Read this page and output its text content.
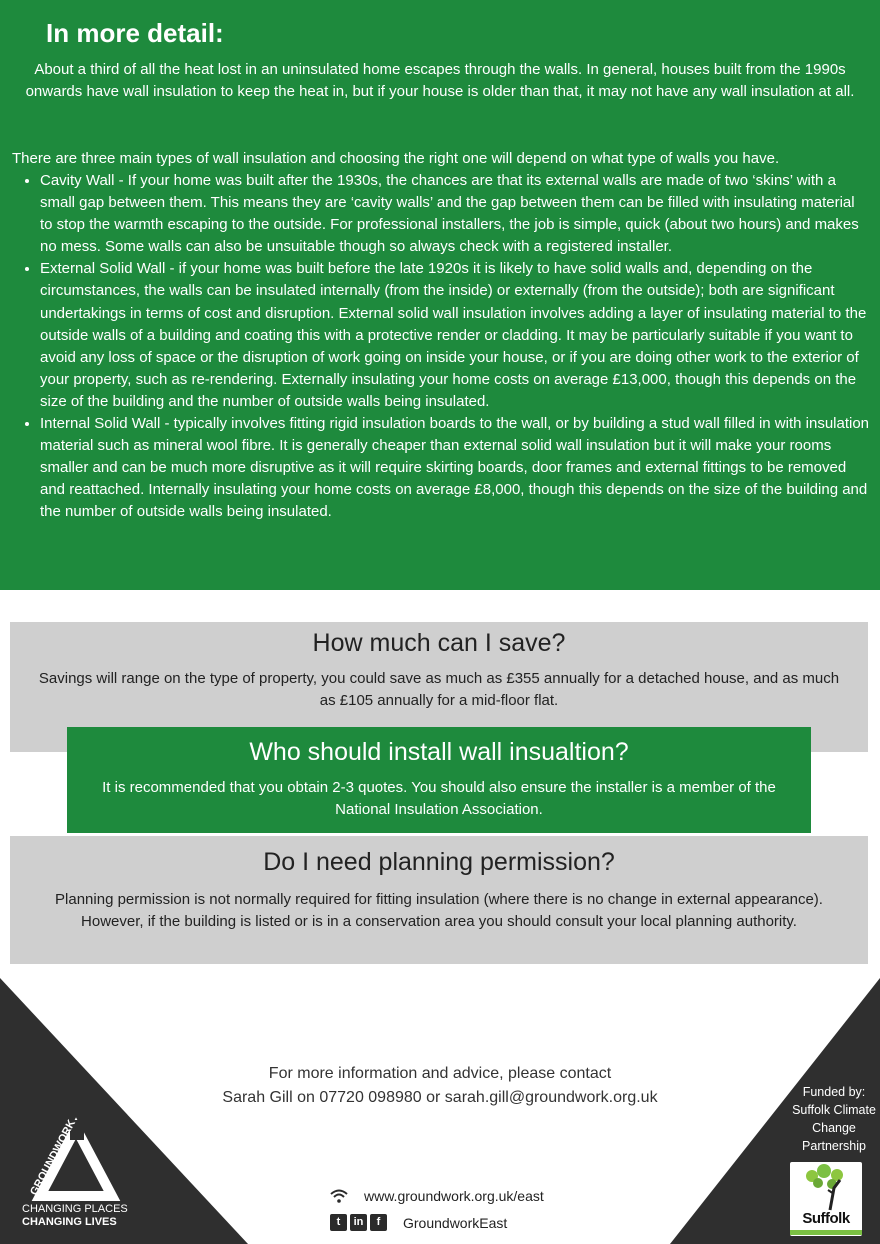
In more detail:

About a third of all the heat lost in an uninsulated home escapes through the walls. In general, houses built from the 1990s onwards have wall insulation to keep the heat in, but if your house is older than that, it may not have any wall insulation at all.

There are three main types of wall insulation and choosing the right one will depend on what type of walls you have.

• Cavity Wall - If your home was built after the 1930s, the chances are that its external walls are made of two ‘skins’ with a small gap between them. This means they are ‘cavity walls’ and the gap between them can be filled with insulating material to stop the warmth escaping to the outside. For professional installers, the job is simple, quick (about two hours) and makes no mess. Some walls can also be unsuitable though so always check with a registered installer.
• External Solid Wall - if your home was built before the late 1920s it is likely to have solid walls and, depending on the circumstances, the walls can be insulated internally (from the inside) or externally (from the outside); both are significant undertakings in terms of cost and disruption. External solid wall insulation involves adding a layer of insulating material to the outside walls of a building and coating this with a protective render or cladding. It may be particularly suitable if you want to avoid any loss of space or the disruption of work going on inside your house, or if you are doing other work to the exterior of your property, such as re-rendering. Externally insulating your home costs on average £13,000, though this depends on the size of the building and the number of outside walls being insulated.
• Internal Solid Wall - typically involves fitting rigid insulation boards to the wall, or by building a stud wall filled in with insulation material such as mineral wool fibre. It is generally cheaper than external solid wall insulation but it will make your rooms smaller and can be much more disruptive as it will require skirting boards, door frames and external fittings to be removed and reattached. Internally insulating your home costs on average £8,000, though this depends on the size of the building and the number of outside walls being insulated.
How much can I save?

Savings will range on the type of property, you could save as much as £355 annually for a detached house, and as much as £105 annually for a mid-floor flat.

Who should install wall insualtion?

It is recommended that you obtain 2-3 quotes. You should also ensure the installer is a member of the National Insulation Association.

Do I need planning permission?

Planning permission is not normally required for fitting insulation (where there is no change in external appearance). However, if the building is listed or is in a conservation area you should consult your local planning authority.

GROUNDWORK
CHANGING PLACES
CHANGING LIVES

For more information and advice, please contact

Sarah Gill on 07720 098980 or sarah.gill@groundwork.org.uk

www.groundwork.org.uk/east
t	in	f	GroundworkEast

Funded by:

Suffolk Climate

Change

Partnership

Suffolk
